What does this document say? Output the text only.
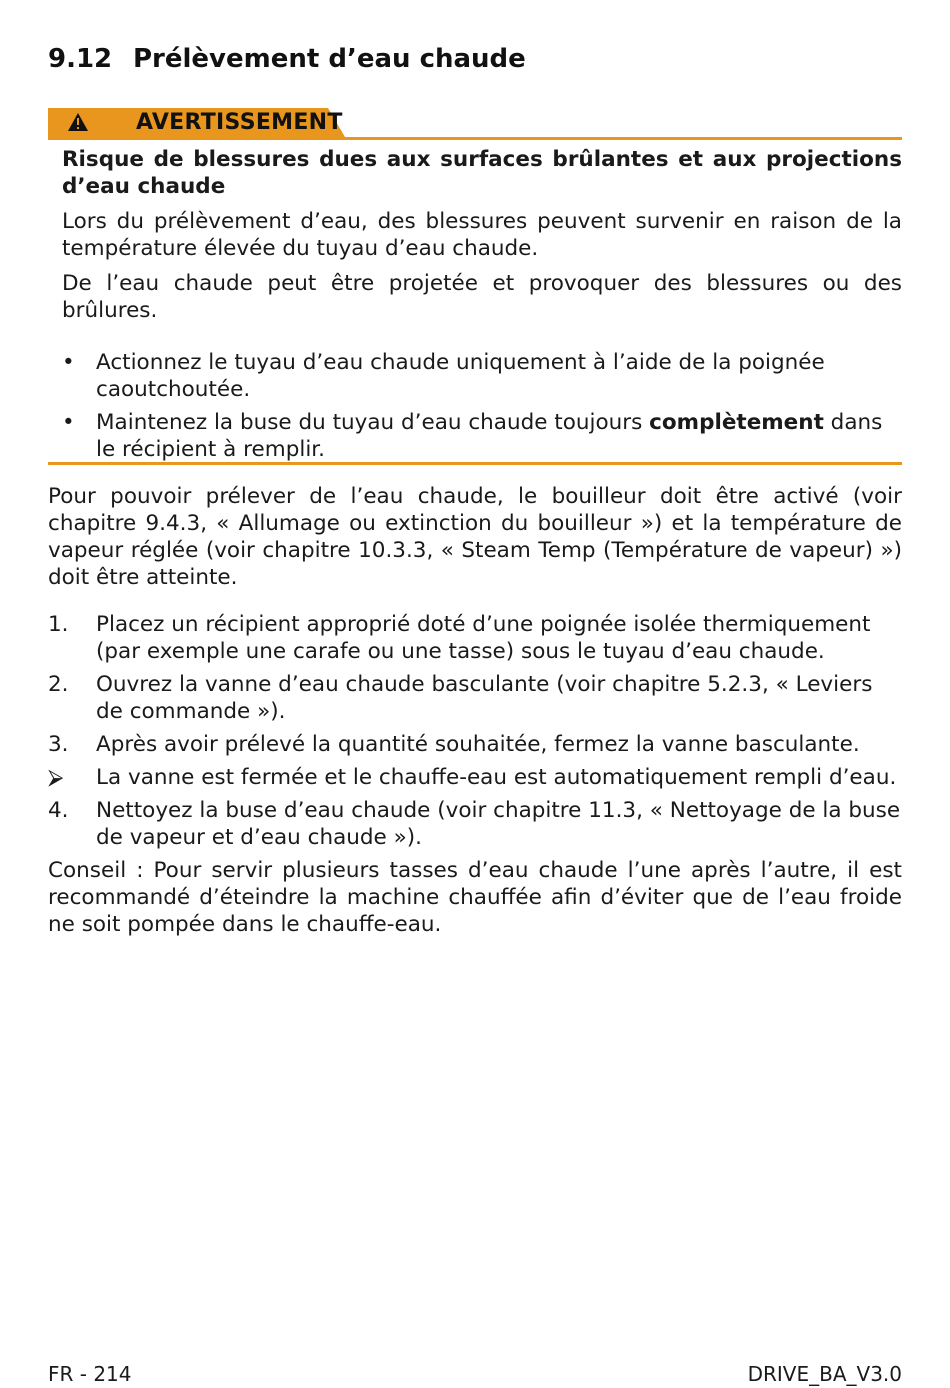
9.12 Prélèvement d’eau chaude
AVERTISSEMENT

Risque de blessures dues aux surfaces brûlantes et aux projections d’eau chaude

Lors du prélèvement d’eau, des blessures peuvent survenir en raison de la température élevée du tuyau d’eau chaude.

De l’eau chaude peut être projetée et provoquer des blessures ou des brûlures.

• Actionnez le tuyau d’eau chaude uniquement à l’aide de la poignée caoutchoutée.
• Maintenez la buse du tuyau d’eau chaude toujours complètement dans le récipient à remplir.

Pour pouvoir prélever de l’eau chaude, le bouilleur doit être activé (voir chapitre 9.4.3, « Allumage ou extinction du bouilleur ») et la température de vapeur réglée (voir chapitre 10.3.3, « Steam Temp (Température de vapeur) ») doit être atteinte.

1. Placez un récipient approprié doté d’une poignée isolée thermiquement (par exemple une carafe ou une tasse) sous le tuyau d’eau chaude.
2. Ouvrez la vanne d’eau chaude basculante (voir chapitre 5.2.3, « Leviers de commande »).
3. Après avoir prélevé la quantité souhaitée, fermez la vanne basculante.
⮚ La vanne est fermée et le chauffe-eau est automatiquement rempli d’eau.
4. Nettoyez la buse d’eau chaude (voir chapitre 11.3, « Nettoyage de la buse de vapeur et d’eau chaude »).

Conseil : Pour servir plusieurs tasses d’eau chaude l’une après l’autre, il est recommandé d’éteindre la machine chauffée afin d’éviter que de l’eau froide ne soit pompée dans le chauffe-eau.

FR - 214	DRIVE_BA_V3.0
